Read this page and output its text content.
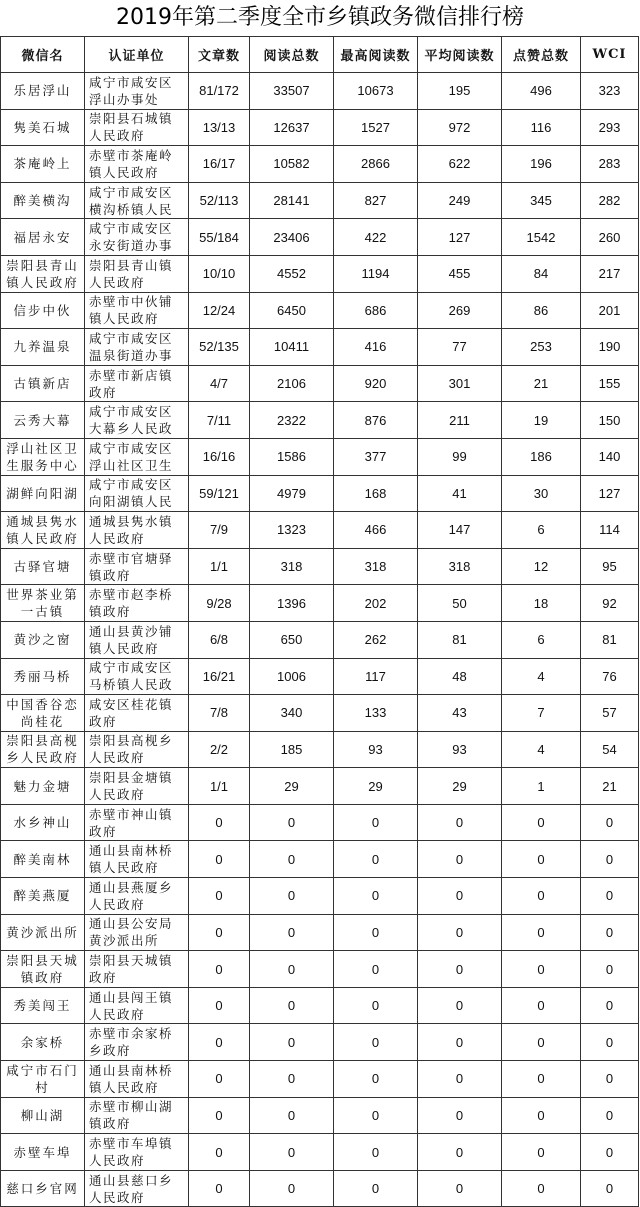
2019年第二季度全市乡镇政务微信排行榜
微信名	认证单位	文章数	阅读总数	最高阅读数	平均阅读数	点赞总数	WCI
乐居浮山	咸宁市咸安区浮山办事处	81/172	33507	10673	195	496	323
隽美石城	崇阳县石城镇人民政府	13/13	12637	1527	972	116	293
茶庵岭上	赤壁市茶庵岭镇人民政府	16/17	10582	2866	622	196	283
醉美横沟	咸宁市咸安区横沟桥镇人民	52/113	28141	827	249	345	282
福居永安	咸宁市咸安区永安街道办事	55/184	23406	422	127	1542	260
崇阳县青山镇人民政府	崇阳县青山镇人民政府	10/10	4552	1194	455	84	217
信步中伙	赤壁市中伙铺镇人民政府	12/24	6450	686	269	86	201
九养温泉	咸宁市咸安区温泉街道办事	52/135	10411	416	77	253	190
古镇新店	赤壁市新店镇政府	4/7	2106	920	301	21	155
云秀大幕	咸宁市咸安区大幕乡人民政	7/11	2322	876	211	19	150
浮山社区卫生服务中心	咸宁市咸安区浮山社区卫生	16/16	1586	377	99	186	140
湖鲜向阳湖	咸宁市咸安区向阳湖镇人民	59/121	4979	168	41	30	127
通城县隽水镇人民政府	通城县隽水镇人民政府	7/9	1323	466	147	6	114
古驿官塘	赤壁市官塘驿镇政府	1/1	318	318	318	12	95
世界茶业第一古镇	赤壁市赵李桥镇政府	9/28	1396	202	50	18	92
黄沙之窗	通山县黄沙铺镇人民政府	6/8	650	262	81	6	81
秀丽马桥	咸宁市咸安区马桥镇人民政	16/21	1006	117	48	4	76
中国香谷恋尚桂花	咸安区桂花镇政府	7/8	340	133	43	7	57
崇阳县高枧乡人民政府	崇阳县高枧乡人民政府	2/2	185	93	93	4	54
魅力金塘	崇阳县金塘镇人民政府	1/1	29	29	29	1	21
水乡神山	赤壁市神山镇政府	0	0	0	0	0	0
醉美南林	通山县南林桥镇人民政府	0	0	0	0	0	0
醉美燕厦	通山县燕厦乡人民政府	0	0	0	0	0	0
黄沙派出所	通山县公安局黄沙派出所	0	0	0	0	0	0
崇阳县天城镇政府	崇阳县天城镇政府	0	0	0	0	0	0
秀美闯王	通山县闯王镇人民政府	0	0	0	0	0	0
余家桥	赤壁市余家桥乡政府	0	0	0	0	0	0
咸宁市石门村	通山县南林桥镇人民政府	0	0	0	0	0	0
柳山湖	赤壁市柳山湖镇政府	0	0	0	0	0	0
赤壁车埠	赤壁市车埠镇人民政府	0	0	0	0	0	0
慈口乡官网	通山县慈口乡人民政府	0	0	0	0	0	0
